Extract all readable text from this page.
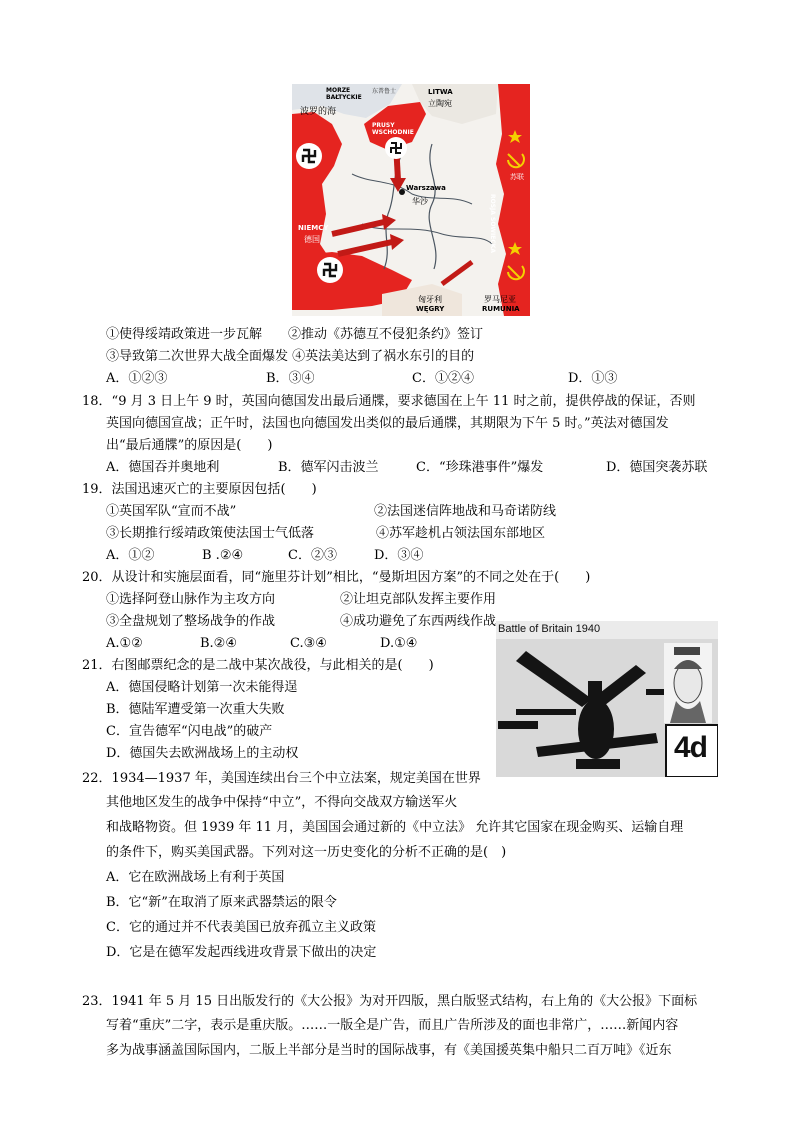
MORZE BAŁTYCKIE
波罗的海
东普鲁士
PRUSY WSCHODNIE
LITWA
立陶宛
Warszawa
华沙
NIEMCY
德国
匈牙利
WĘGRY
罗马尼亚
RUMUNIA
ROSJA SOWIECKA
苏联
①使得绥靖政策进一步瓦解　　②推动《苏德互不侵犯条约》签订
③导致第二次世界大战全面爆发 ④英法美达到了祸水东引的目的
A．①②③	B．③④	C．①②④	D．①③
18．“9 月 3 日上午 9 时，英国向德国发出最后通牒，要求德国在上午 11 时之前，提供停战的保证，否则
英国向德国宣战；正午时，法国也向德国发出类似的最后通牒，其期限为下午 5 时。”英法对德国发
出“最后通牒”的原因是(　　)
A．德国吞并奥地利	B．德军闪击波兰	C．“珍珠港事件”爆发	D．德国突袭苏联
19．法国迅速灭亡的主要原因包括(　　)
①英国军队“宣而不战”	②法国迷信阵地战和马奇诺防线
③长期推行绥靖政策使法国士气低落	④苏军趁机占领法国东部地区
A．①②	B .②④	C．②③	D．③④
20．从设计和实施层面看，同“施里芬计划”相比，“曼斯坦因方案”的不同之处在于(　　)
①选择阿登山脉作为主攻方向	②让坦克部队发挥主要作用
③全盘规划了整场战争的作战	④成功避免了东西两线作战
A.①②	B.②④	C.③④	D.①④
21．右图邮票纪念的是二战中某次战役，与此相关的是(　　)
A．德国侵略计划第一次未能得逞
B．德陆军遭受第一次重大失败
C．宣告德军“闪电战”的破产
D．德国失去欧洲战场上的主动权
Battle of Britain 1940
4d
22．1934—1937 年，美国连续出台三个中立法案，规定美国在世界
其他地区发生的战争中保持“中立”，不得向交战双方输送军火
和战略物资。但 1939 年 11 月，美国国会通过新的《中立法》 允许其它国家在现金购买、运输自理
的条件下，购买美国武器。下列对这一历史变化的分析不正确的是(　)
A．它在欧洲战场上有利于英国
B．它“新”在取消了原来武器禁运的限令
C．它的通过并不代表美国已放弃孤立主义政策
D．它是在德军发起西线进攻背景下做出的决定
23．1941 年 5 月 15 日出版发行的《大公报》为对开四版，黑白版竖式结构，右上角的《大公报》下面标
写着“重庆”二字，表示是重庆版。……一版全是广告，而且广告所涉及的面也非常广，……新闻内容
多为战事涵盖国际国内，二版上半部分是当时的国际战事，有《美国援英集中船只二百万吨》《近东
